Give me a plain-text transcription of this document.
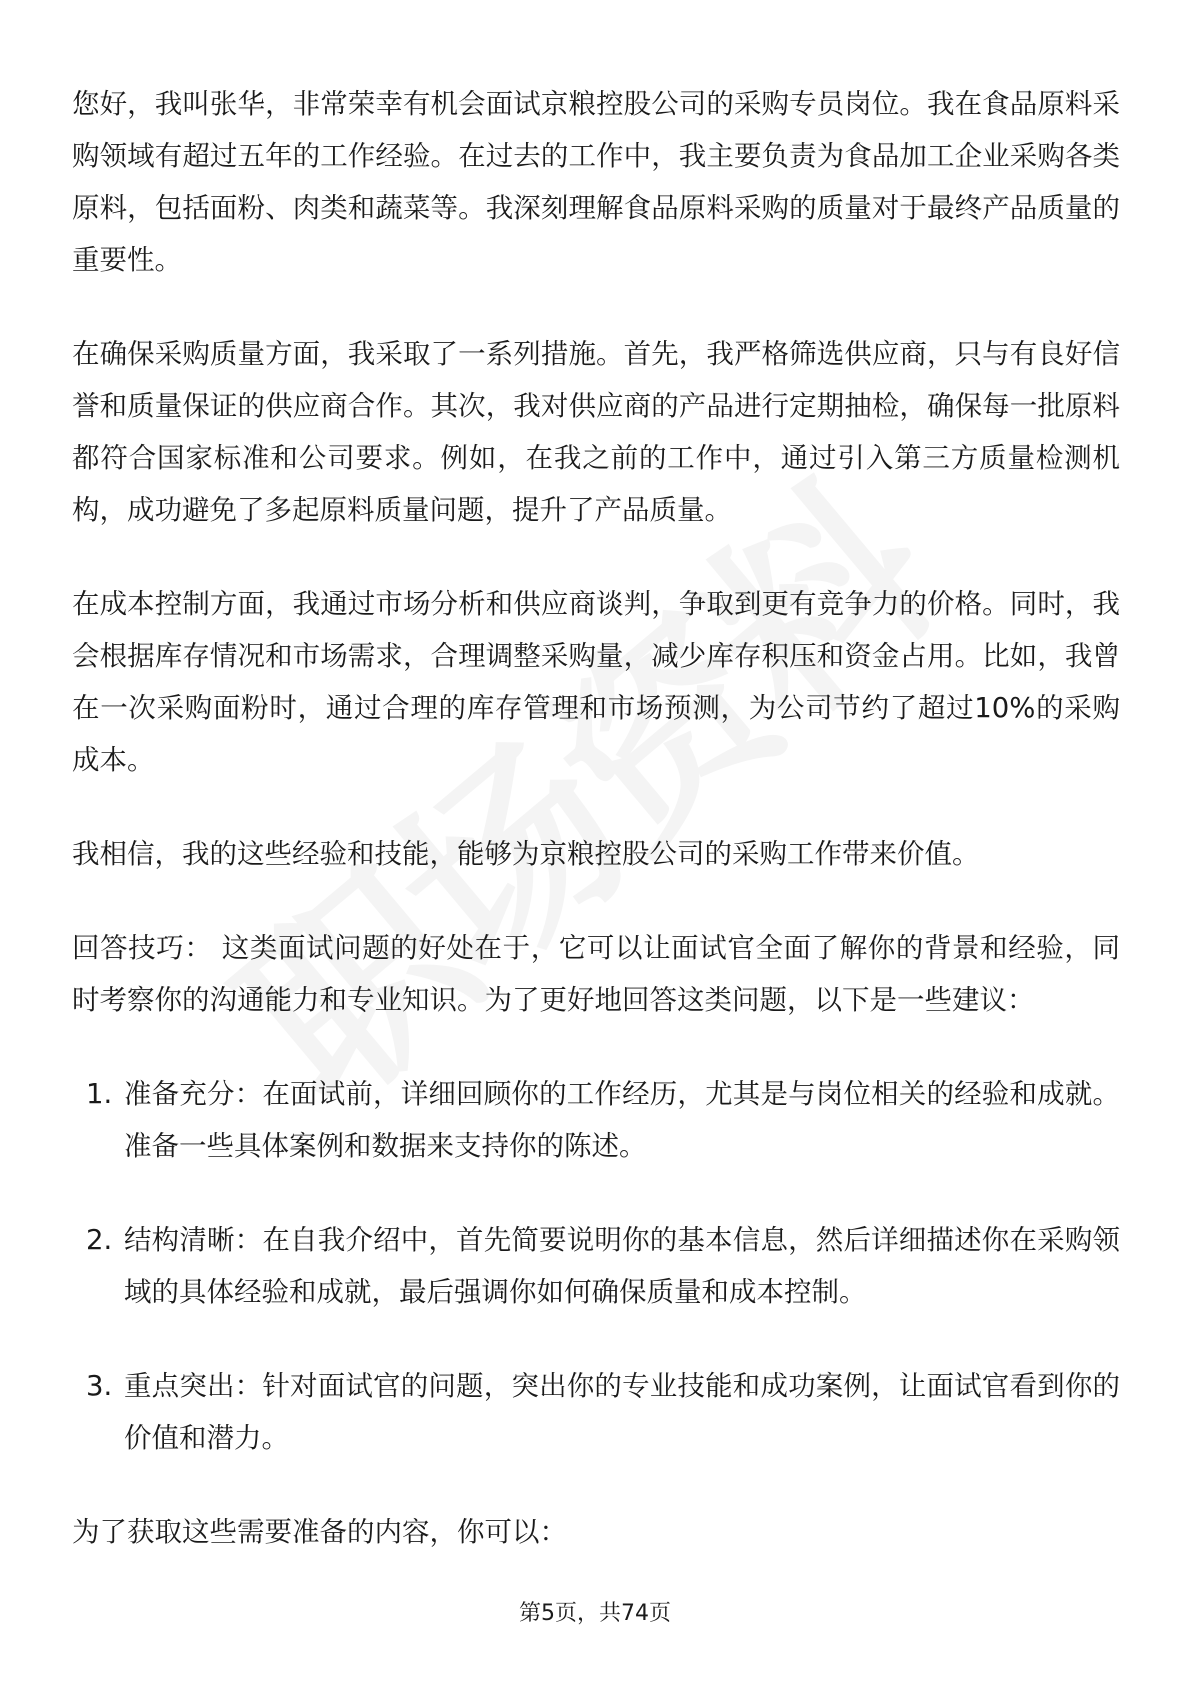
您好，我叫张华，非常荣幸有机会面试京粮控股公司的采购专员岗位。我在食品原料采购领域有超过五年的工作经验。在过去的工作中，我主要负责为食品加工企业采购各类原料，包括面粉、肉类和蔬菜等。我深刻理解食品原料采购的质量对于最终产品质量的重要性。

在确保采购质量方面，我采取了一系列措施。首先，我严格筛选供应商，只与有良好信誉和质量保证的供应商合作。其次，我对供应商的产品进行定期抽检，确保每一批原料都符合国家标准和公司要求。例如，在我之前的工作中，通过引入第三方质量检测机构，成功避免了多起原料质量问题，提升了产品质量。

在成本控制方面，我通过市场分析和供应商谈判，争取到更有竞争力的价格。同时，我会根据库存情况和市场需求，合理调整采购量，减少库存积压和资金占用。比如，我曾在一次采购面粉时，通过合理的库存管理和市场预测，为公司节约了超过10%的采购成本。

我相信，我的这些经验和技能，能够为京粮控股公司的采购工作带来价值。

回答技巧： 这类面试问题的好处在于，它可以让面试官全面了解你的背景和经验，同时考察你的沟通能力和专业知识。为了更好地回答这类问题，以下是一些建议：

1. 准备充分：在面试前，详细回顾你的工作经历，尤其是与岗位相关的经验和成就。准备一些具体案例和数据来支持你的陈述。
2. 结构清晰：在自我介绍中，首先简要说明你的基本信息，然后详细描述你在采购领域的具体经验和成就，最后强调你如何确保质量和成本控制。
3. 重点突出：针对面试官的问题，突出你的专业技能和成功案例，让面试官看到你的价值和潜力。

为了获取这些需要准备的内容，你可以：

第5页，共74页
